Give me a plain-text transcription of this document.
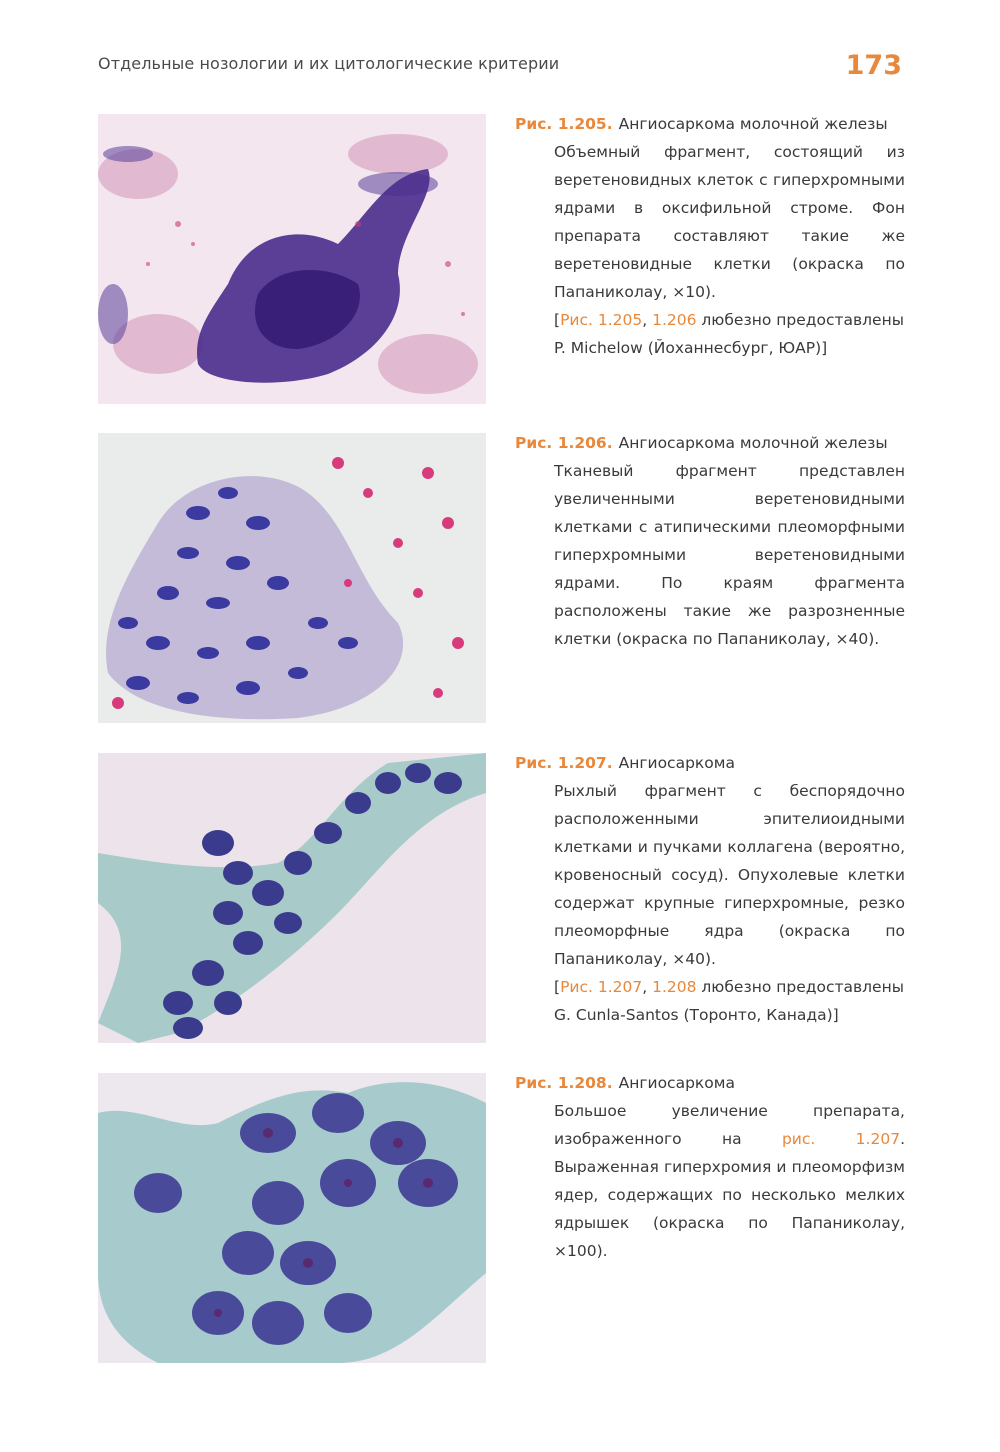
Отдельные нозологии и их цитологические критерии	173
Рис. 1.205. Ангиосаркома молочной железы
Объемный фрагмент, состоящий из веретеновидных клеток с гиперхромными ядрами в оксифильной строме. Фон препарата составляют такие же веретеновидные клетки (окраска по Папаниколау, ×10).
[Рис. 1.205, 1.206 любезно предоставлены P. Michelow (Йоханнесбург, ЮАР)]
Рис. 1.206. Ангиосаркома молочной железы
Тканевый фрагмент представлен увеличенными веретеновидными клетками с атипическими плеоморфными гиперхромными веретеновидными ядрами. По краям фрагмента расположены такие же разрозненные клетки (окраска по Папаниколау, ×40).
Рис. 1.207. Ангиосаркома
Рыхлый фрагмент с беспорядочно расположенными эпителиоидными клетками и пучками коллагена (вероятно, кровеносный сосуд). Опухолевые клетки содержат крупные гиперхромные, резко плеоморфные ядра (окраска по Папаниколау, ×40).
[Рис. 1.207, 1.208 любезно предоставлены G. Cunla-Santos (Торонто, Канада)]
Рис. 1.208. Ангиосаркома
Большое увеличение препарата, изображенного на рис. 1.207. Выраженная гиперхромия и плеоморфизм ядер, содержащих по несколько мелких ядрышек (окраска по Папаниколау, ×100).
